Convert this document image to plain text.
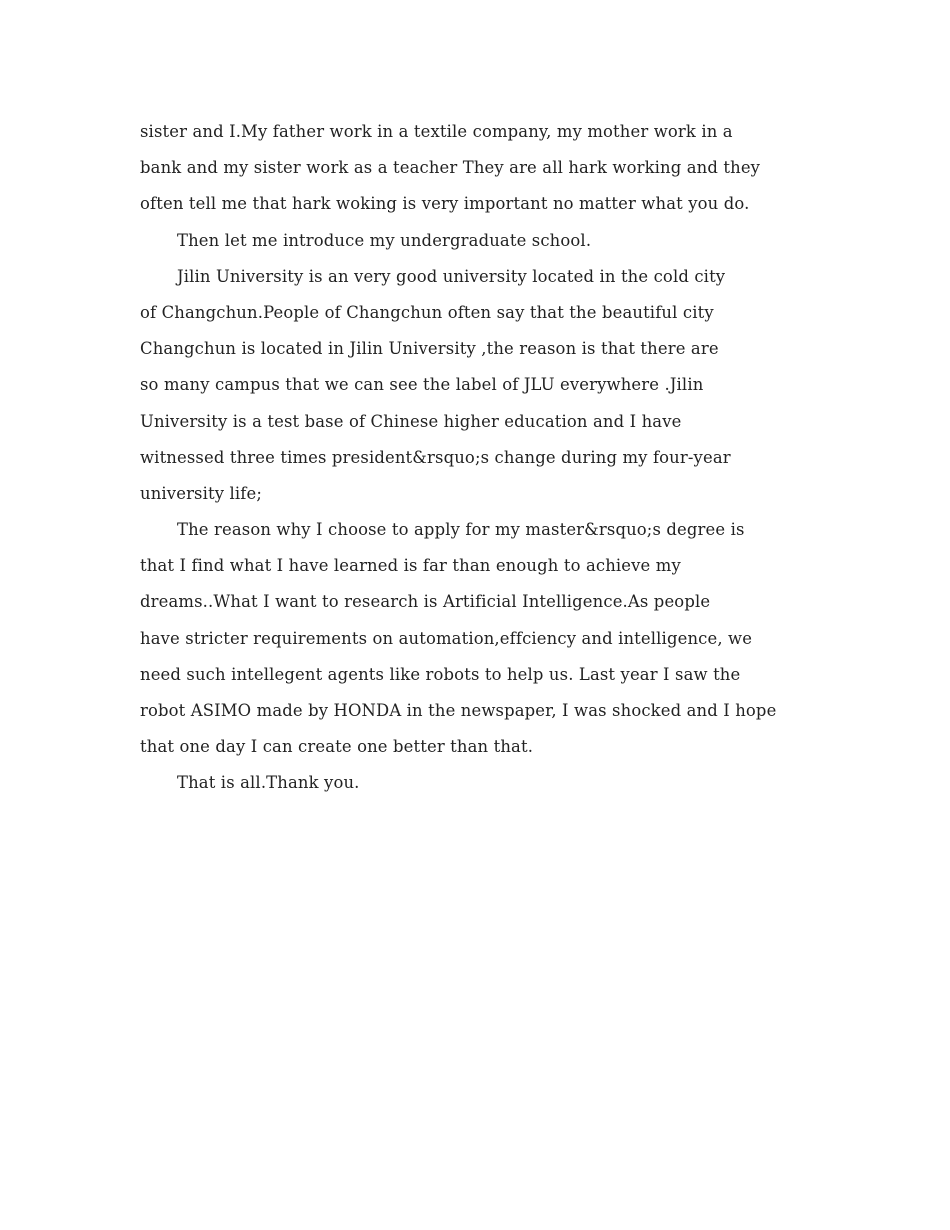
sister and I.My father work in a textile company, my mother work in a
bank and my sister work as a teacher They are all hark working and they
often tell me that hark woking is very important no matter what you do.
Then let me introduce my undergraduate school.
Jilin University is an very good university located in the cold city
of Changchun.People of Changchun often say that the beautiful city
Changchun is located in Jilin University ,the reason is that there are
so many campus that we can see the label of JLU everywhere .Jilin
University is a test base of Chinese higher education and I have
witnessed three times president&rsquo;s change during my four-year
university life;
The reason why I choose to apply for my master&rsquo;s degree is
that I find what I have learned is far than enough to achieve my
dreams..What I want to research is Artificial Intelligence.As people
have stricter requirements on automation,effciency and intelligence, we
need such intellegent agents like robots to help us. Last year I saw the
robot ASIMO made by HONDA in the newspaper, I was shocked and I hope
that one day I can create one better than that.
That is all.Thank you.
